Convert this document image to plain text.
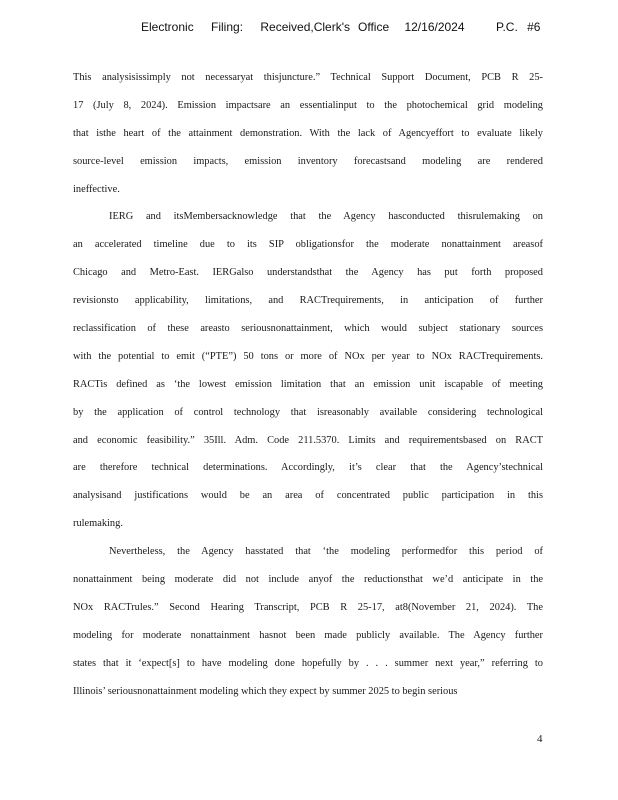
Electronic Filing: Received,Clerk's Office 12/16/2024	P.C. #6
This analysisissimply not necessaryat thisjuncture.” Technical Support Document, PCB R 25-
17 (July 8, 2024). Emission impactsare an essentialinput to the photochemical grid modeling
that isthe heart of the attainment demonstration. With the lack of Agencyeffort to evaluate likely
source-level emission impacts, emission inventory forecastsand modeling are rendered
ineffective.
IERG and itsMembersacknowledge that the Agency hasconducted thisrulemaking on
an accelerated timeline due to its SIP obligationsfor the moderate nonattainment areasof
Chicago and Metro-East. IERGalso understandsthat the Agency has put forth proposed
revisionsto applicability, limitations, and RACTrequirements, in anticipation of further
reclassification of these areasto seriousnonattainment, which would subject stationary sources
with the potential to emit (“PTE”) 50 tons or more of NOx per year to NOx RACTrequirements.
RACTis defined as ‘the lowest emission limitation that an emission unit iscapable of meeting
by the application of control technology that isreasonably available considering technological
and economic feasibility.” 35Ill. Adm. Code 211.5370. Limits and requirementsbased on RACT
are therefore technical determinations. Accordingly, it’s clear that the Agency’stechnical
analysisand justifications would be an area of concentrated public participation in this
rulemaking.
Nevertheless, the Agency hasstated that ‘the modeling performedfor this period of
nonattainment being moderate did not include anyof the reductionsthat we’d anticipate in the
NOx RACTrules.” Second Hearing Transcript, PCB R 25-17, at8(November 21, 2024). The
modeling for moderate nonattainment hasnot been made publicly available. The Agency further
states that it ‘expect[s] to have modeling done hopefully by . . . summer next year,” referring to
Illinois’ seriousnonattainment modeling which they expect by summer 2025 to begin serious
4
